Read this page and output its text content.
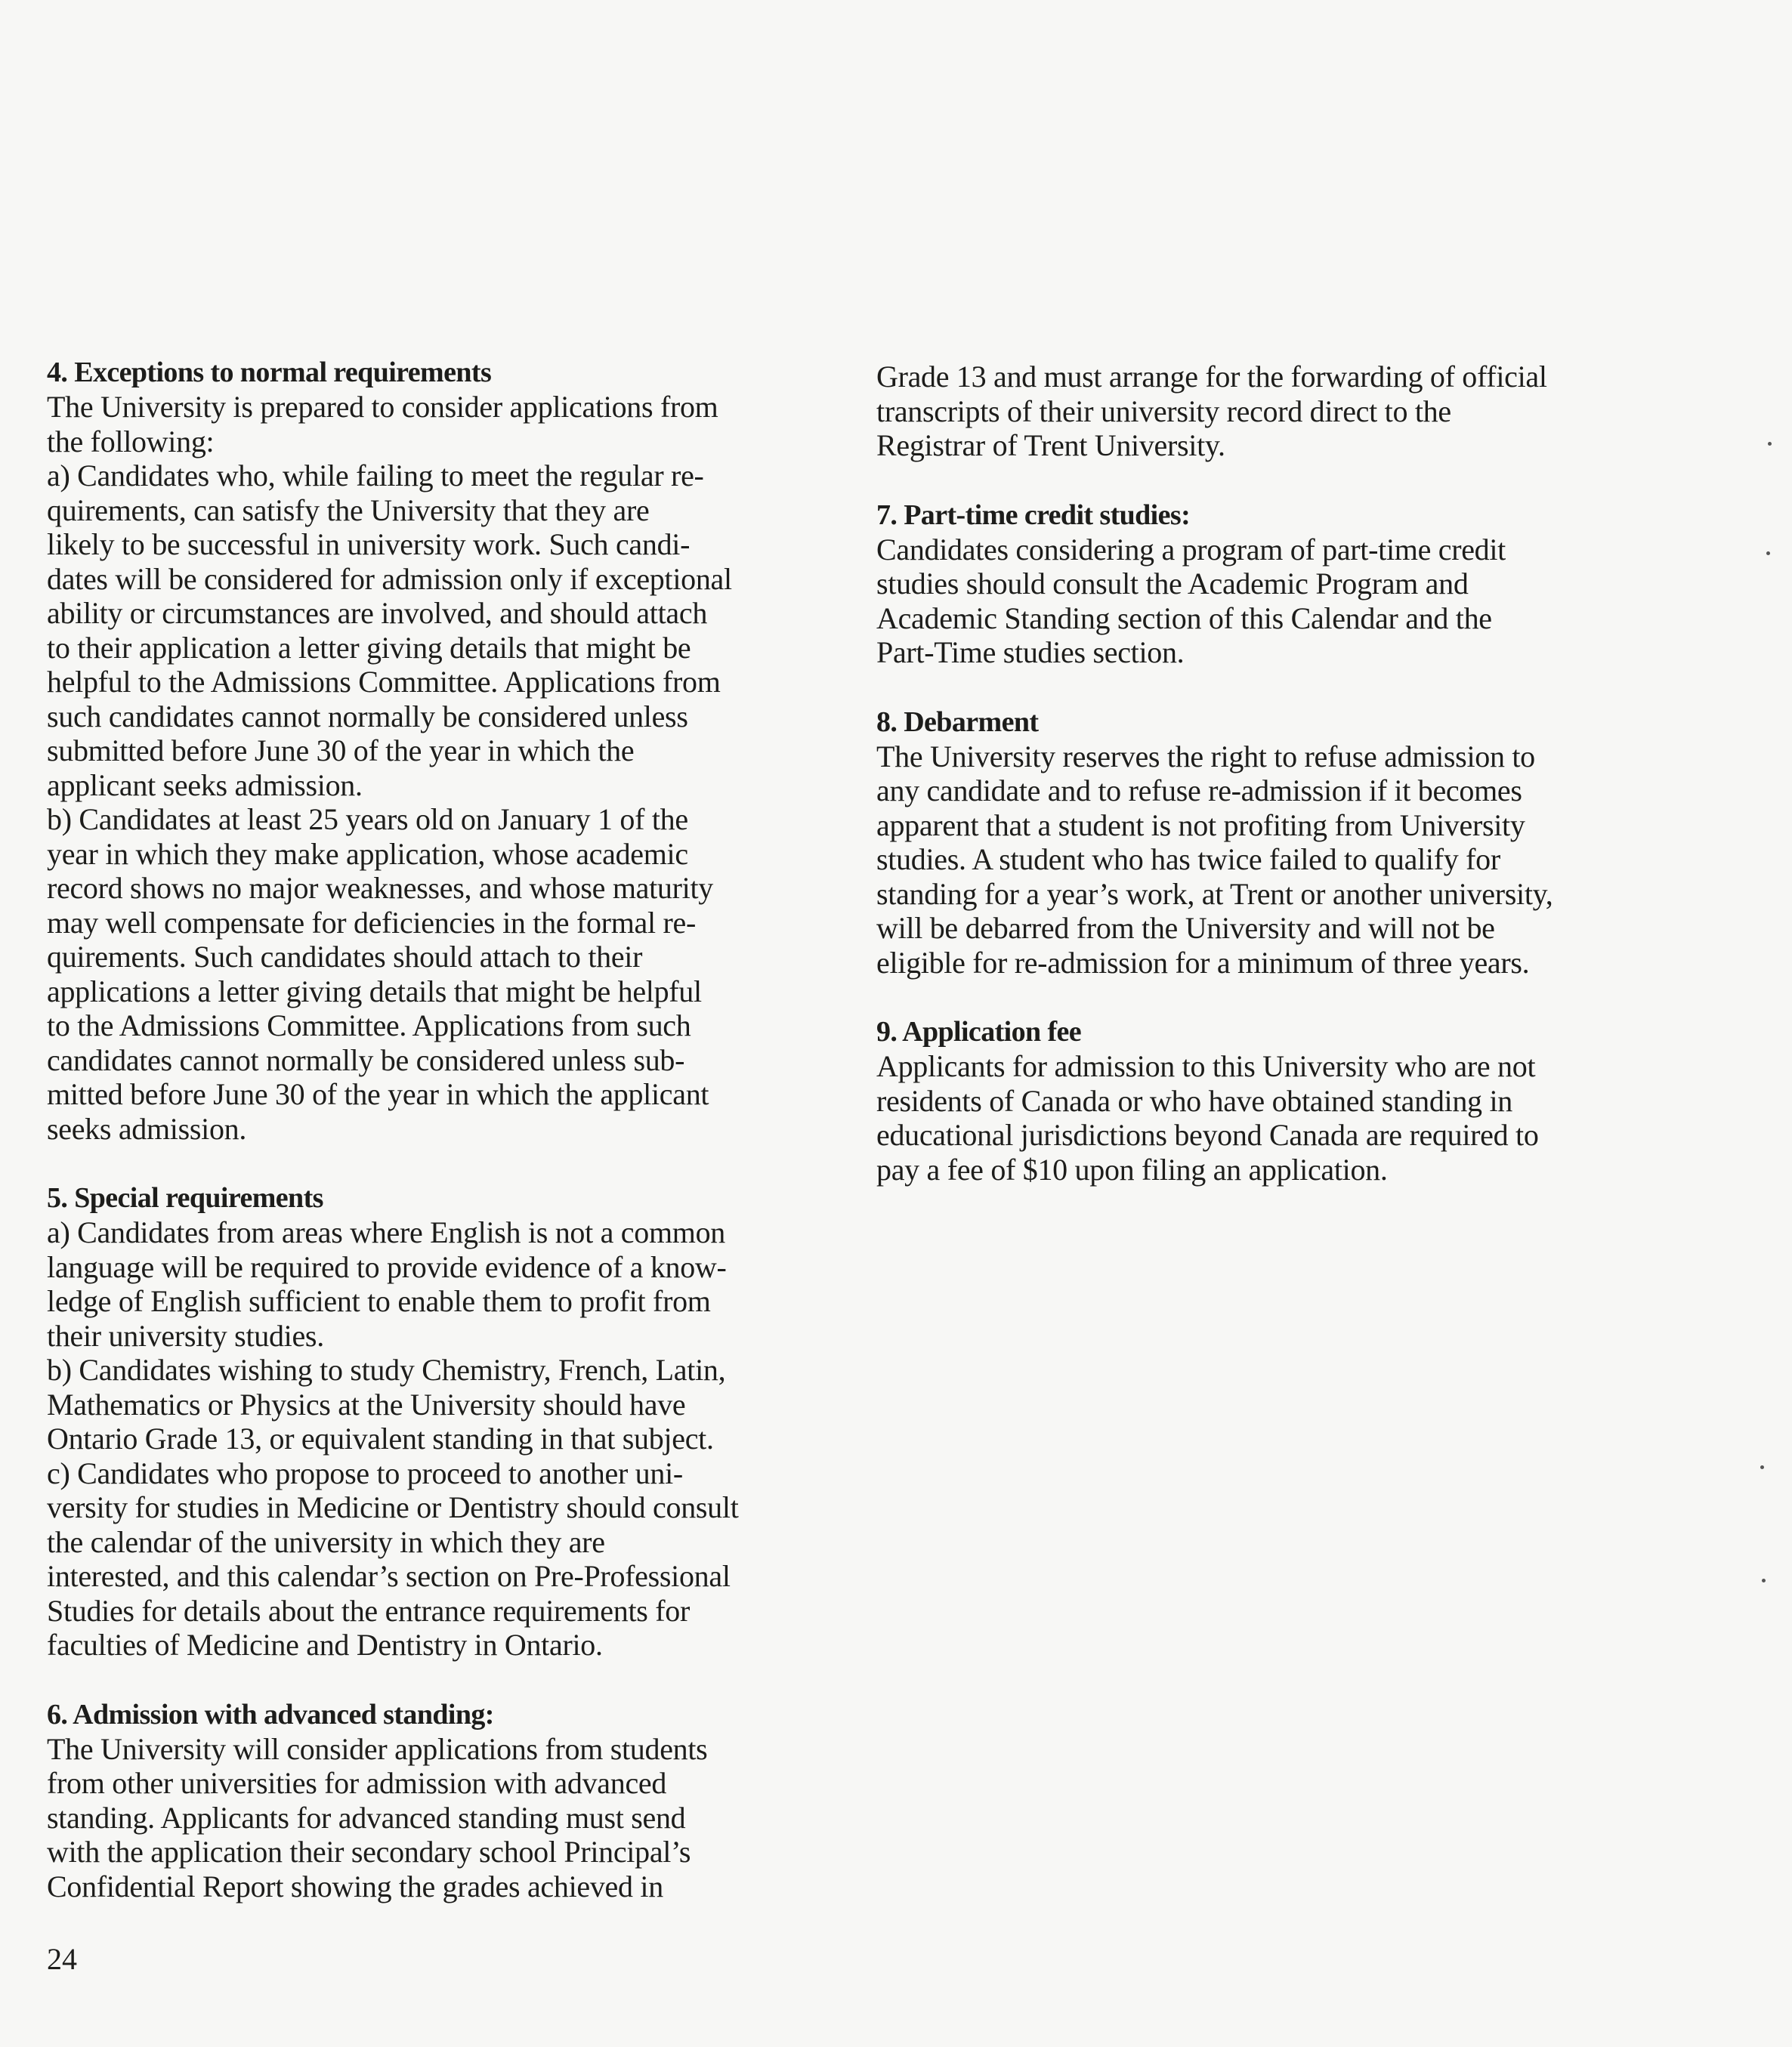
4. Exceptions to normal requirements

The University is prepared to consider applications from
the following:

a) Candidates who, while failing to meet the regular re-
quirements, can satisfy the University that they are
likely to be successful in university work. Such candi-
dates will be considered for admission only if exceptional
ability or circumstances are involved, and should attach
to their application a letter giving details that might be
helpful to the Admissions Committee. Applications from
such candidates cannot normally be considered unless
submitted before June 30 of the year in which the
applicant seeks admission.

b) Candidates at least 25 years old on January 1 of the
year in which they make application, whose academic
record shows no major weaknesses, and whose maturity
may well compensate for deficiencies in the formal re-
quirements. Such candidates should attach to their
applications a letter giving details that might be helpful
to the Admissions Committee. Applications from such
candidates cannot normally be considered unless sub-
mitted before June 30 of the year in which the applicant
seeks admission.

5. Special requirements

a) Candidates from areas where English is not a common
language will be required to provide evidence of a know-
ledge of English sufficient to enable them to profit from
their university studies.

b) Candidates wishing to study Chemistry, French, Latin,
Mathematics or Physics at the University should have
Ontario Grade 13, or equivalent standing in that subject.

c) Candidates who propose to proceed to another uni-
versity for studies in Medicine or Dentistry should consult
the calendar of the university in which they are
interested, and this calendar’s section on Pre-Professional
Studies for details about the entrance requirements for
faculties of Medicine and Dentistry in Ontario.

6. Admission with advanced standing:

The University will consider applications from students
from other universities for admission with advanced
standing. Applicants for advanced standing must send
with the application their secondary school Principal’s
Confidential Report showing the grades achieved in

Grade 13 and must arrange for the forwarding of official
transcripts of their university record direct to the
Registrar of Trent University.

7. Part-time credit studies:

Candidates considering a program of part-time credit
studies should consult the Academic Program and
Academic Standing section of this Calendar and the
Part-Time studies section.

8. Debarment

The University reserves the right to refuse admission to
any candidate and to refuse re-admission if it becomes
apparent that a student is not profiting from University
studies. A student who has twice failed to qualify for
standing for a year’s work, at Trent or another university,
will be debarred from the University and will not be
eligible for re-admission for a minimum of three years.

9. Application fee

Applicants for admission to this University who are not
residents of Canada or who have obtained standing in
educational jurisdictions beyond Canada are required to
pay a fee of $10 upon filing an application.

24
